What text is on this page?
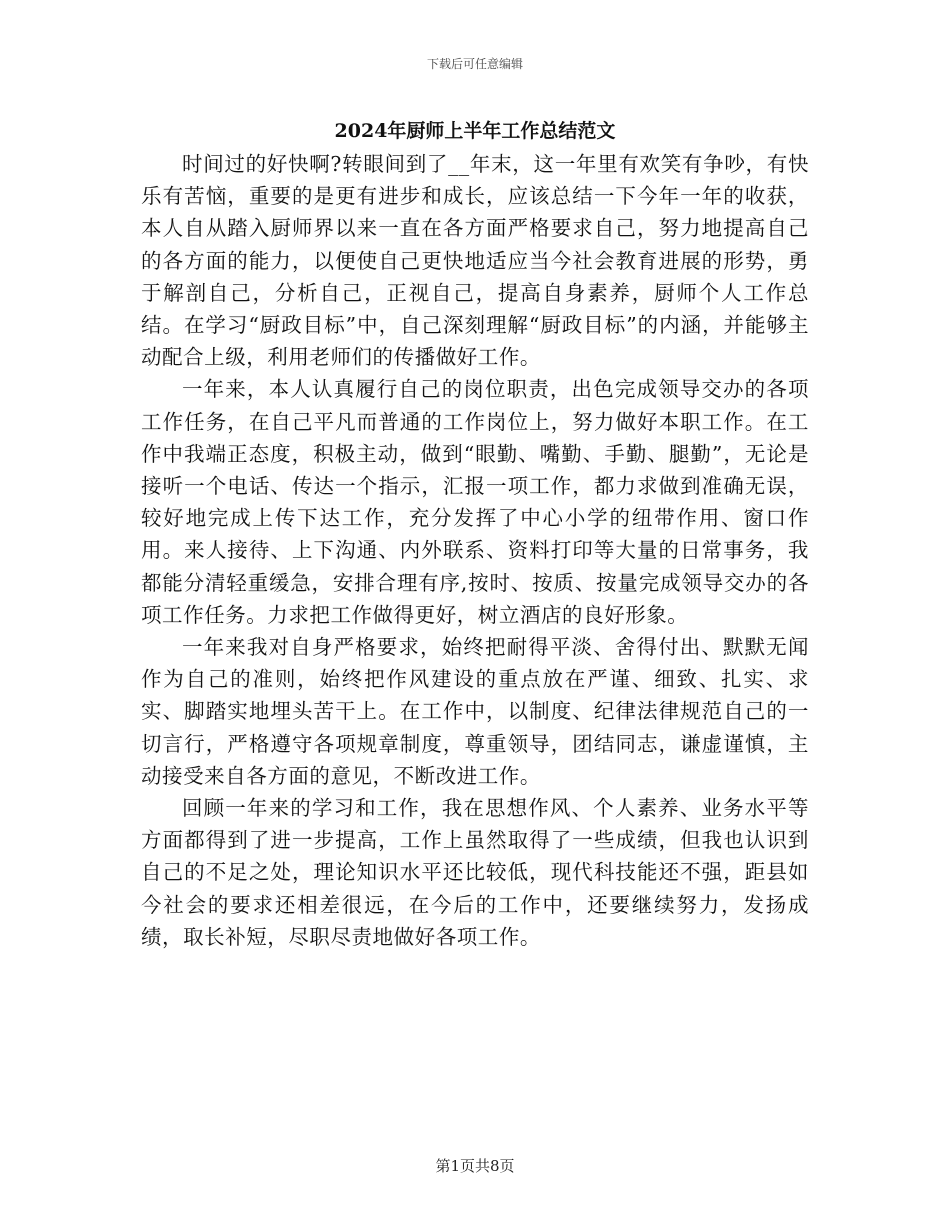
下载后可任意编辑
2024年厨师上半年工作总结范文

时间过的好快啊?转眼间到了__年末，这一年里有欢笑有争吵，有快乐有苦恼，重要的是更有进步和成长，应该总结一下今年一年的收获，本人自从踏入厨师界以来一直在各方面严格要求自己，努力地提高自己的各方面的能力，以便使自己更快地适应当今社会教育进展的形势，勇于解剖自己，分析自己，正视自己，提高自身素养，厨师个人工作总结。在学习“厨政目标”中，自己深刻理解“厨政目标”的内涵，并能够主动配合上级，利用老师们的传播做好工作。

一年来，本人认真履行自己的岗位职责，出色完成领导交办的各项工作任务，在自己平凡而普通的工作岗位上，努力做好本职工作。在工作中我端正态度，积极主动，做到“眼勤、嘴勤、手勤、腿勤”，无论是接听一个电话、传达一个指示，汇报一项工作，都力求做到准确无误，较好地完成上传下达工作，充分发挥了中心小学的纽带作用、窗口作用。来人接待、上下沟通、内外联系、资料打印等大量的日常事务，我都能分清轻重缓急，安排合理有序,按时、按质、按量完成领导交办的各项工作任务。力求把工作做得更好，树立酒店的良好形象。

一年来我对自身严格要求，始终把耐得平淡、舍得付出、默默无闻作为自己的准则，始终把作风建设的重点放在严谨、细致、扎实、求实、脚踏实地埋头苦干上。在工作中，以制度、纪律法律规范自己的一切言行，严格遵守各项规章制度，尊重领导，团结同志，谦虚谨慎，主动接受来自各方面的意见，不断改进工作。

回顾一年来的学习和工作，我在思想作风、个人素养、业务水平等方面都得到了进一步提高，工作上虽然取得了一些成绩，但我也认识到自己的不足之处，理论知识水平还比较低，现代科技能还不强，距县如今社会的要求还相差很远，在今后的工作中，还要继续努力，发扬成绩，取长补短，尽职尽责地做好各项工作。

第1页共8页
